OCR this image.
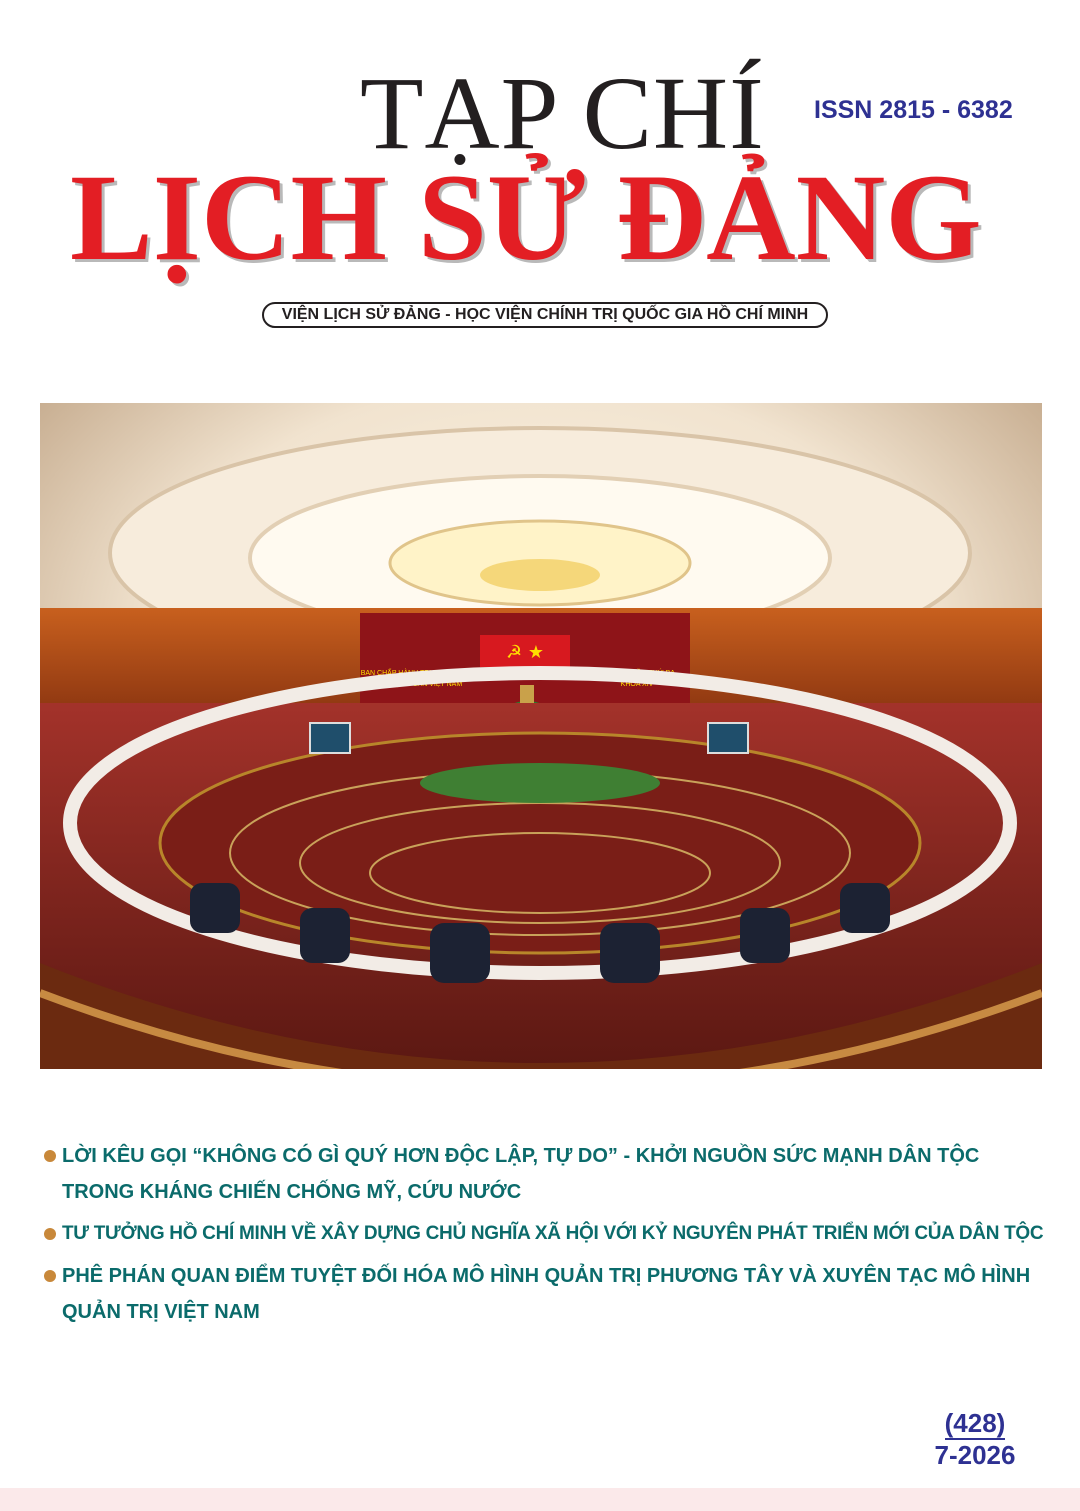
TẠP CHÍ ISSN 2815 - 6382
LỊCH SỬ ĐẢNG
VIỆN LỊCH SỬ ĐẢNG - HỌC VIỆN CHÍNH TRỊ QUỐC GIA HỒ CHÍ MINH
☭ ★
BAN CHẤP HÀNH TRUNG ƯƠNG
ĐẢNG CỘNG SẢN VIỆT NAM
HỘI NGHỊ LẦN THỨ BA
KHÓA XIV
LỜI KÊU GỌI “KHÔNG CÓ GÌ QUÝ HƠN ĐỘC LẬP, TỰ DO” - KHỞI NGUỒN SỨC MẠNH DÂN TỘC TRONG KHÁNG CHIẾN CHỐNG MỸ, CỨU NƯỚC
TƯ TƯỞNG HỒ CHÍ MINH VỀ XÂY DỰNG CHỦ NGHĨA XÃ HỘI VỚI KỶ NGUYÊN PHÁT TRIỂN MỚI CỦA DÂN TỘC
PHÊ PHÁN QUAN ĐIỂM TUYỆT ĐỐI HÓA MÔ HÌNH QUẢN TRỊ PHƯƠNG TÂY VÀ XUYÊN TẠC MÔ HÌNH QUẢN TRỊ VIỆT NAM
(428)
7-2026
